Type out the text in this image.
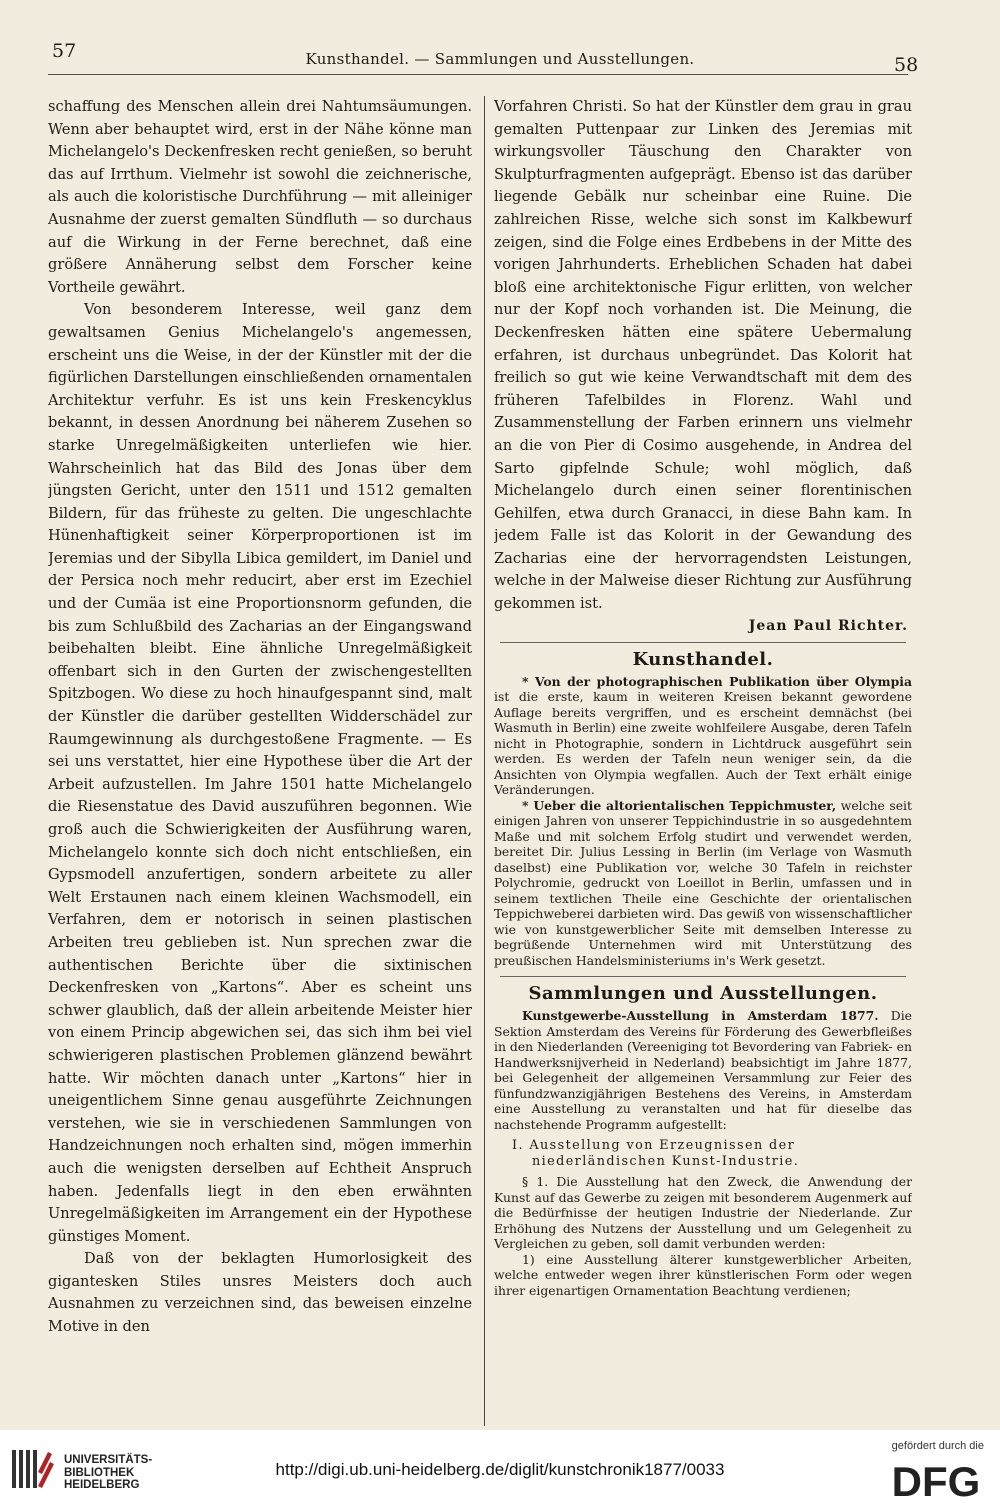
57	Kunsthandel. — Sammlungen und Ausstellungen.	58

schaffung des Menschen allein drei Nahtumsäumungen. Wenn aber behauptet wird, erst in der Nähe könne man Michelangelo's Deckenfresken recht genießen, so beruht das auf Irrthum. Vielmehr ist sowohl die zeichnerische, als auch die koloristische Durchführung — mit alleiniger Ausnahme der zuerst gemalten Sündfluth — so durchaus auf die Wirkung in der Ferne berechnet, daß eine größere Annäherung selbst dem Forscher keine Vortheile gewährt.

Von besonderem Interesse, weil ganz dem gewaltsamen Genius Michelangelo's angemessen, erscheint uns die Weise, in der der Künstler mit der die figürlichen Darstellungen einschließenden ornamentalen Architektur verfuhr. Es ist uns kein Freskencyklus bekannt, in dessen Anordnung bei näherem Zusehen so starke Unregelmäßigkeiten unterliefen wie hier. Wahrscheinlich hat das Bild des Jonas über dem jüngsten Gericht, unter den 1511 und 1512 gemalten Bildern, für das früheste zu gelten. Die ungeschlachte Hünenhaftigkeit seiner Körperproportionen ist im Jeremias und der Sibylla Libica gemildert, im Daniel und der Persica noch mehr reducirt, aber erst im Ezechiel und der Cumäa ist eine Proportionsnorm gefunden, die bis zum Schlußbild des Zacharias an der Eingangswand beibehalten bleibt. Eine ähnliche Unregelmäßigkeit offenbart sich in den Gurten der zwischengestellten Spitzbogen. Wo diese zu hoch hinaufgespannt sind, malt der Künstler die darüber gestellten Widderschädel zur Raumgewinnung als durchgestoßene Fragmente. — Es sei uns verstattet, hier eine Hypothese über die Art der Arbeit aufzustellen. Im Jahre 1501 hatte Michelangelo die Riesenstatue des David auszuführen begonnen. Wie groß auch die Schwierigkeiten der Ausführung waren, Michelangelo konnte sich doch nicht entschließen, ein Gypsmodell anzufertigen, sondern arbeitete zu aller Welt Erstaunen nach einem kleinen Wachsmodell, ein Verfahren, dem er notorisch in seinen plastischen Arbeiten treu geblieben ist. Nun sprechen zwar die authentischen Berichte über die sixtinischen Deckenfresken von „Kartons“. Aber es scheint uns schwer glaublich, daß der allein arbeitende Meister hier von einem Princip abgewichen sei, das sich ihm bei viel schwierigeren plastischen Problemen glänzend bewährt hatte. Wir möchten danach unter „Kartons“ hier in uneigentlichem Sinne genau ausgeführte Zeichnungen verstehen, wie sie in verschiedenen Sammlungen von Handzeichnungen noch erhalten sind, mögen immerhin auch die wenigsten derselben auf Echtheit Anspruch haben. Jedenfalls liegt in den eben erwähnten Unregelmäßigkeiten im Arrangement ein der Hypothese günstiges Moment.

Daß von der beklagten Humorlosigkeit des gigantesken Stiles unsres Meisters doch auch Ausnahmen zu verzeichnen sind, das beweisen einzelne Motive in den

Vorfahren Christi. So hat der Künstler dem grau in grau gemalten Puttenpaar zur Linken des Jeremias mit wirkungsvoller Täuschung den Charakter von Skulpturfragmenten aufgeprägt. Ebenso ist das darüber liegende Gebälk nur scheinbar eine Ruine. Die zahlreichen Risse, welche sich sonst im Kalkbewurf zeigen, sind die Folge eines Erdbebens in der Mitte des vorigen Jahrhunderts. Erheblichen Schaden hat dabei bloß eine architektonische Figur erlitten, von welcher nur der Kopf noch vorhanden ist. Die Meinung, die Deckenfresken hätten eine spätere Uebermalung erfahren, ist durchaus unbegründet. Das Kolorit hat freilich so gut wie keine Verwandtschaft mit dem des früheren Tafelbildes in Florenz. Wahl und Zusammenstellung der Farben erinnern uns vielmehr an die von Pier di Cosimo ausgehende, in Andrea del Sarto gipfelnde Schule; wohl möglich, daß Michelangelo durch einen seiner florentinischen Gehilfen, etwa durch Granacci, in diese Bahn kam. In jedem Falle ist das Kolorit in der Gewandung des Zacharias eine der hervorragendsten Leistungen, welche in der Malweise dieser Richtung zur Ausführung gekommen ist.

Jean Paul Richter.
Kunsthandel.

* Von der photographischen Publikation über Olympia ist die erste, kaum in weiteren Kreisen bekannt gewordene Auflage bereits vergriffen, und es erscheint demnächst (bei Wasmuth in Berlin) eine zweite wohlfeilere Ausgabe, deren Tafeln nicht in Photographie, sondern in Lichtdruck ausgeführt sein werden. Es werden der Tafeln neun weniger sein, da die Ansichten von Olympia wegfallen. Auch der Text erhält einige Veränderungen.

* Ueber die altorientalischen Teppichmuster, welche seit einigen Jahren von unserer Teppichindustrie in so ausgedehntem Maße und mit solchem Erfolg studirt und verwendet werden, bereitet Dir. Julius Lessing in Berlin (im Verlage von Wasmuth daselbst) eine Publikation vor, welche 30 Tafeln in reichster Polychromie, gedruckt von Loeillot in Berlin, umfassen und in seinem textlichen Theile eine Geschichte der orientalischen Teppichweberei darbieten wird. Das gewiß von wissenschaftlicher wie von kunstgewerblicher Seite mit demselben Interesse zu begrüßende Unternehmen wird mit Unterstützung des preußischen Handelsministeriums in's Werk gesetzt.

Sammlungen und Ausstellungen.

Kunstgewerbe-Ausstellung in Amsterdam 1877. Die Sektion Amsterdam des Vereins für Förderung des Gewerbfleißes in den Niederlanden (Vereeniging tot Bevordering van Fabriek- en Handwerksnijverheid in Nederland) beabsichtigt im Jahre 1877, bei Gelegenheit der allgemeinen Versammlung zur Feier des fünfundzwanzigjährigen Bestehens des Vereins, in Amsterdam eine Ausstellung zu veranstalten und hat für dieselbe das nachstehende Programm aufgestellt:

I. Ausstellung von Erzeugnissen der niederländischen Kunst-Industrie.

§ 1. Die Ausstellung hat den Zweck, die Anwendung der Kunst auf das Gewerbe zu zeigen mit besonderem Augenmerk auf die Bedürfnisse der heutigen Industrie der Niederlande. Zur Erhöhung des Nutzens der Ausstellung und um Gelegenheit zu Vergleichen zu geben, soll damit verbunden werden:

1) eine Ausstellung älterer kunstgewerblicher Arbeiten, welche entweder wegen ihrer künstlerischen Form oder wegen ihrer eigenartigen Ornamentation Beachtung verdienen;

UNIVERSITÄTS-
BIBLIOTHEK
HEIDELBERG
http://digi.ub.uni-heidelberg.de/diglit/kunstchronik1877/0033
gefördert durch die
DFG
